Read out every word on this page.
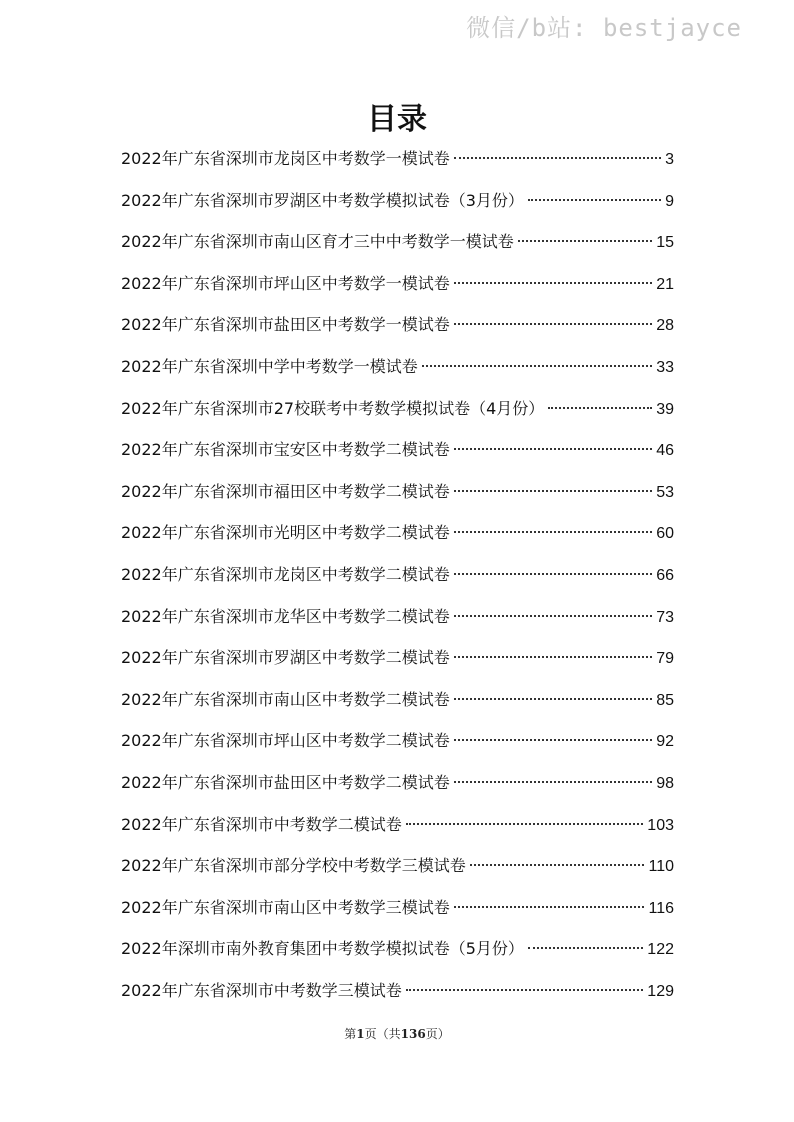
微信/b站: bestjayce
目录
2022年广东省深圳市龙岗区中考数学一模试卷	3
2022年广东省深圳市罗湖区中考数学模拟试卷（3月份）	9
2022年广东省深圳市南山区育才三中中考数学一模试卷	15
2022年广东省深圳市坪山区中考数学一模试卷	21
2022年广东省深圳市盐田区中考数学一模试卷	28
2022年广东省深圳中学中考数学一模试卷	33
2022年广东省深圳市27校联考中考数学模拟试卷（4月份）	39
2022年广东省深圳市宝安区中考数学二模试卷	46
2022年广东省深圳市福田区中考数学二模试卷	53
2022年广东省深圳市光明区中考数学二模试卷	60
2022年广东省深圳市龙岗区中考数学二模试卷	66
2022年广东省深圳市龙华区中考数学二模试卷	73
2022年广东省深圳市罗湖区中考数学二模试卷	79
2022年广东省深圳市南山区中考数学二模试卷	85
2022年广东省深圳市坪山区中考数学二模试卷	92
2022年广东省深圳市盐田区中考数学二模试卷	98
2022年广东省深圳市中考数学二模试卷	103
2022年广东省深圳市部分学校中考数学三模试卷	110
2022年广东省深圳市南山区中考数学三模试卷	116
2022年深圳市南外教育集团中考数学模拟试卷（5月份）	122
2022年广东省深圳市中考数学三模试卷	129
第1页（共136页）
